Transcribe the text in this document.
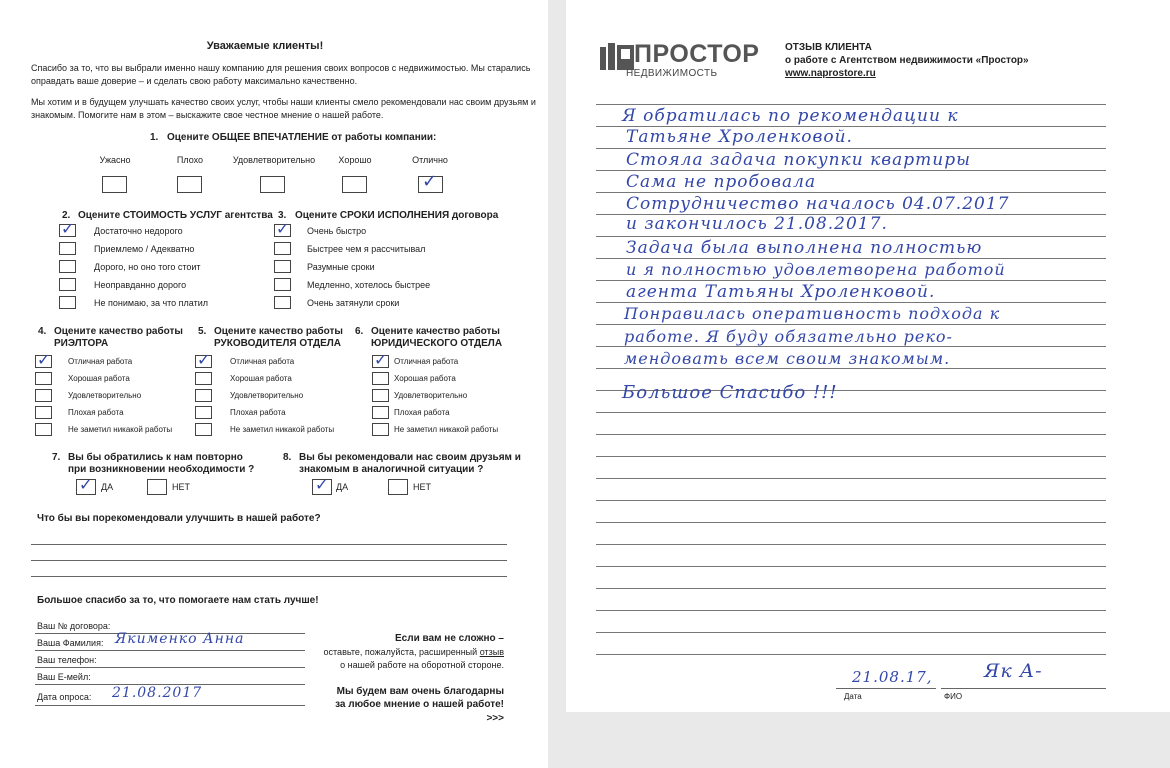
Уважаемые клиенты!
Спасибо за то, что вы выбрали именно нашу компанию для решения своих вопросов с недвижимостью. Мы старались
оправдать ваше доверие – и сделать свою работу максимально качественно.
Мы хотим и в будущем улучшать качество своих услуг, чтобы наши клиенты смело рекомендовали нас своим друзьям и
знакомым. Помогите нам в этом – выскажите свое честное мнение о нашей работе.
1. Оцените ОБЩЕЕ ВПЕЧАТЛЕНИЕ от работы компании:
Ужасно	Плохо	Удовлетворительно	Хорошо	Отлично
✓
2. Оцените СТОИМОСТЬ УСЛУГ агентства 3. Оцените СРОКИ ИСПОЛНЕНИЯ договора
✓ Достаточно недорого
Приемлемо / Адекватно
Дорого, но оно того стоит
Неоправданно дорого
Не понимаю, за что платил
✓ Очень быстро
Быстрее чем я рассчитывал
Разумные сроки
Медленно, хотелось быстрее
Очень затянули сроки
4. Оцените качество работы
РИЭЛТОРА
5. Оцените качество работы
РУКОВОДИТЕЛЯ ОТДЕЛА
6. Оцените качество работы
ЮРИДИЧЕСКОГО ОТДЕЛА
✓ Отличная работа
Хорошая работа
Удовлетворительно
Плохая работа
Не заметил никакой работы
✓ Отличная работа
Хорошая работа
Удовлетворительно
Плохая работа
Не заметил никакой работы
✓ Отличная работа
Хорошая работа
Удовлетворительно
Плохая работа
Не заметил никакой работы
7. Вы бы обратились к нам повторно
при возникновении необходимости ?
8. Вы бы рекомендовали нас своим друзьям и
знакомым в аналогичной ситуации ?
✓ ДА	НЕТ	✓ ДА	НЕТ
Что бы вы порекомендовали улучшить в нашей работе?
Большое спасибо за то, что помогаете нам стать лучше!
Ваш № договора:
Ваша Фамилия: Якименко Анна
Ваш телефон:
Ваш E-мейл:
Дата опроса: 21.08.2017
Если вам не сложно –
оставьте, пожалуйста, расширенный отзыв
о нашей работе на оборотной стороне.
Мы будем вам очень благодарны
за любое мнение о нашей работе!
>>>
ПРОСТОР
НЕДВИЖИМОСТЬ
ОТЗЫВ КЛИЕНТА
о работе с Агентством недвижимости «Простор»
www.naprostore.ru
Я обратилась по рекомендации к
Татьяне Хроленковой.
Стояла задача покупки квартиры
Сама не пробовала
Сотрудничество началось 04.07.2017
и закончилось 21.08.2017.
Задача была выполнена полностью
и я полностью удовлетворена работой
агента Татьяны Хроленковой.
Понравилась оперативность подхода к
работе. Я буду обязательно реко-
мендовать всем своим знакомым.
Большое Спасибо !!!
21.08.17,	Як А-
Дата	ФИО
